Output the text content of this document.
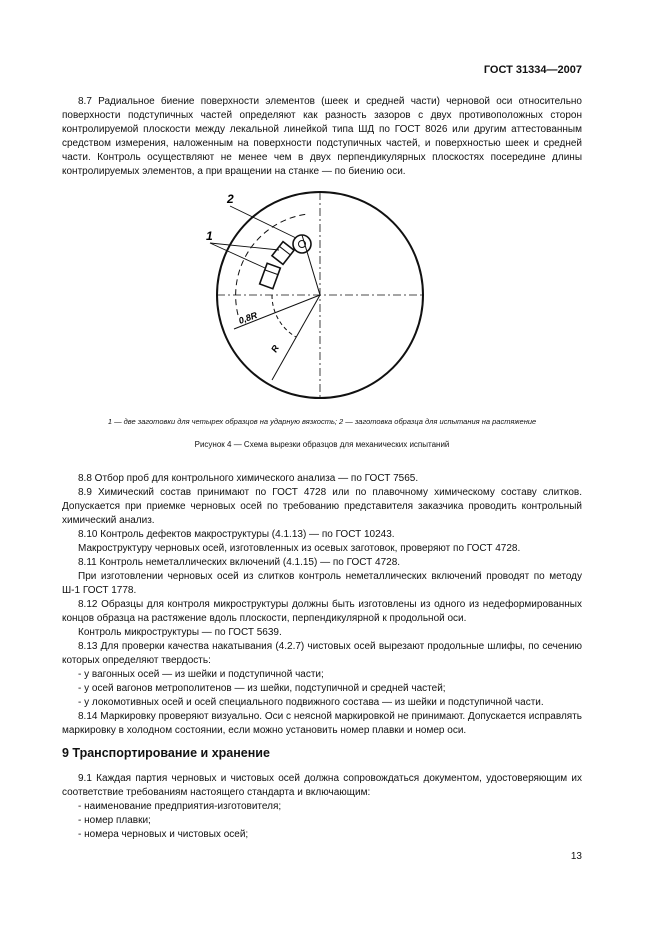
ГОСТ 31334—2007

8.7 Радиальное биение поверхности элементов (шеек и средней части) черновой оси относительно поверхности подступичных частей определяют как разность зазоров с двух противоположных сторон контролируемой плоскости между лекальной линейкой типа ШД по ГОСТ 8026 или другим аттестованным средством измерения, наложенным на поверхности подступичных частей, и поверхностью шеек и средней части. Контроль осуществляют не менее чем в двух перпендикулярных плоскостях посередине длины контролируемых элементов, а при вращении на станке — по биению оси.

1
2
0,8R
R
1 — две заготовки для четырех образцов на ударную вязкость; 2 — заготовка образца для испытания на растяжение
Рисунок 4 — Схема вырезки образцов для механических испытаний

8.8 Отбор проб для контрольного химического анализа — по ГОСТ 7565.

8.9 Химический состав принимают по ГОСТ 4728 или по плавочному химическому составу слитков. Допускается при приемке черновых осей по требованию представителя заказчика проводить контрольный химический анализ.

8.10 Контроль дефектов макроструктуры (4.1.13) — по ГОСТ 10243.

Макроструктуру черновых осей, изготовленных из осевых заготовок, проверяют по ГОСТ 4728.

8.11 Контроль неметаллических включений (4.1.15) — по ГОСТ 4728.

При изготовлении черновых осей из слитков контроль неметаллических включений проводят по методу Ш-1 ГОСТ 1778.

8.12 Образцы для контроля микроструктуры должны быть изготовлены из одного из недеформированных концов образца на растяжение вдоль плоскости, перпендикулярной к продольной оси.

Контроль микроструктуры — по ГОСТ 5639.

8.13 Для проверки качества накатывания (4.2.7) чистовых осей вырезают продольные шлифы, по сечению которых определяют твердость:

- у вагонных осей — из шейки и подступичной части;

- у осей вагонов метрополитенов — из шейки, подступичной и средней частей;

- у локомотивных осей и осей специального подвижного состава — из шейки и подступичной части.

8.14 Маркировку проверяют визуально. Оси с неясной маркировкой не принимают. Допускается исправлять маркировку в холодном состоянии, если можно установить номер плавки и номер оси.

9 Транспортирование и хранение

9.1 Каждая партия черновых и чистовых осей должна сопровождаться документом, удостоверяющим их соответствие требованиям настоящего стандарта и включающим:

- наименование предприятия-изготовителя;

- номер плавки;

- номера черновых и чистовых осей;

13
